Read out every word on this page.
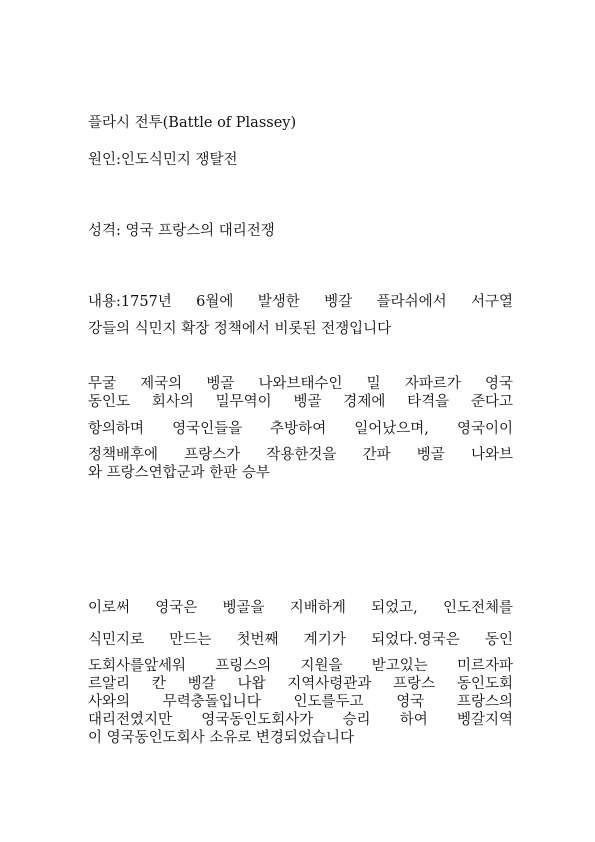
플라시 전투(Battle of Plassey)
원인:인도식민지 쟁탈전
성격: 영국 프랑스의 대리전쟁
내용:1757년 6월에 발생한 벵갈 플라쉬에서 서구열
강들의 식민지 확장 정책에서 비롯된 전쟁입니다
무굴 제국의 벵골 나와브태수인 밀 자파르가 영국
동인도 회사의 밀무역이 벵골 경제에 타격을 준다고
항의하며 영국인들을 추방하여 일어났으며, 영국이이
정책배후에 프랑스가 작용한것을 간파 벵골 나와브
와 프랑스연합군과 한판 승부
이로써 영국은 벵골을 지배하게 되었고, 인도전체를
식민지로 만드는 첫번째 계기가 되었다.영국은 동인
도회사를앞세워 프링스의 지원을 받고있는 미르자파
르알리 칸 벵갈 나왑 지역사령관과 프랑스 동인도회
사와의 무력충돌입니다 인도를두고 영국 프랑스의
대리전였지만 영국동인도회사가 승리 하여 벵갈지역
이 영국동인도회사 소유로 변경되었습니다
